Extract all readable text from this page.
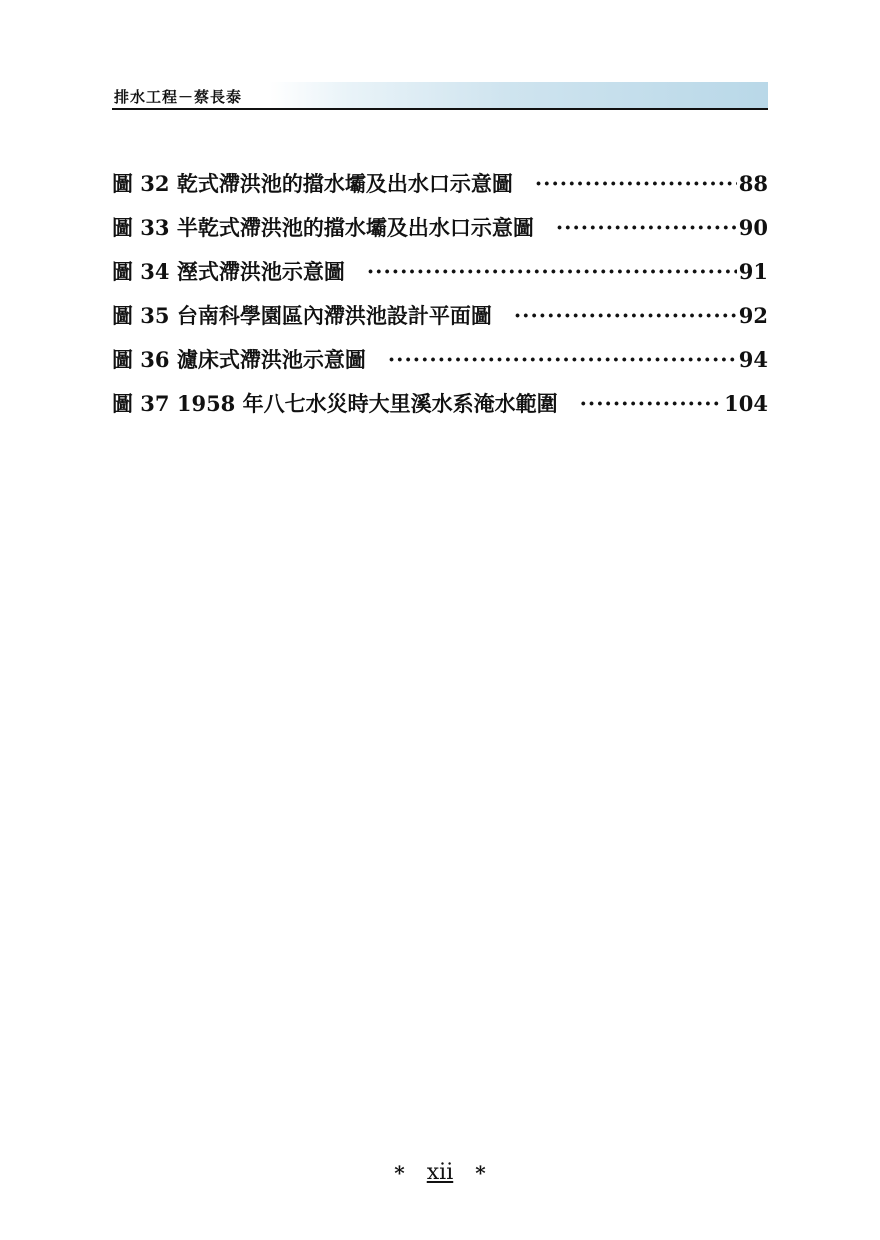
排水工程－蔡長泰
圖 32 乾式滯洪池的擋水壩及出水口示意圖 ·····	88
圖 33 半乾式滯洪池的擋水壩及出水口示意圖 ·····	90
圖 34 溼式滯洪池示意圖 ·····	91
圖 35 台南科學園區內滯洪池設計平面圖 ·····	92
圖 36 濾床式滯洪池示意圖 ·····	94
圖 37 1958 年八七水災時大里溪水系淹水範圍 ·····	104
* xii *
